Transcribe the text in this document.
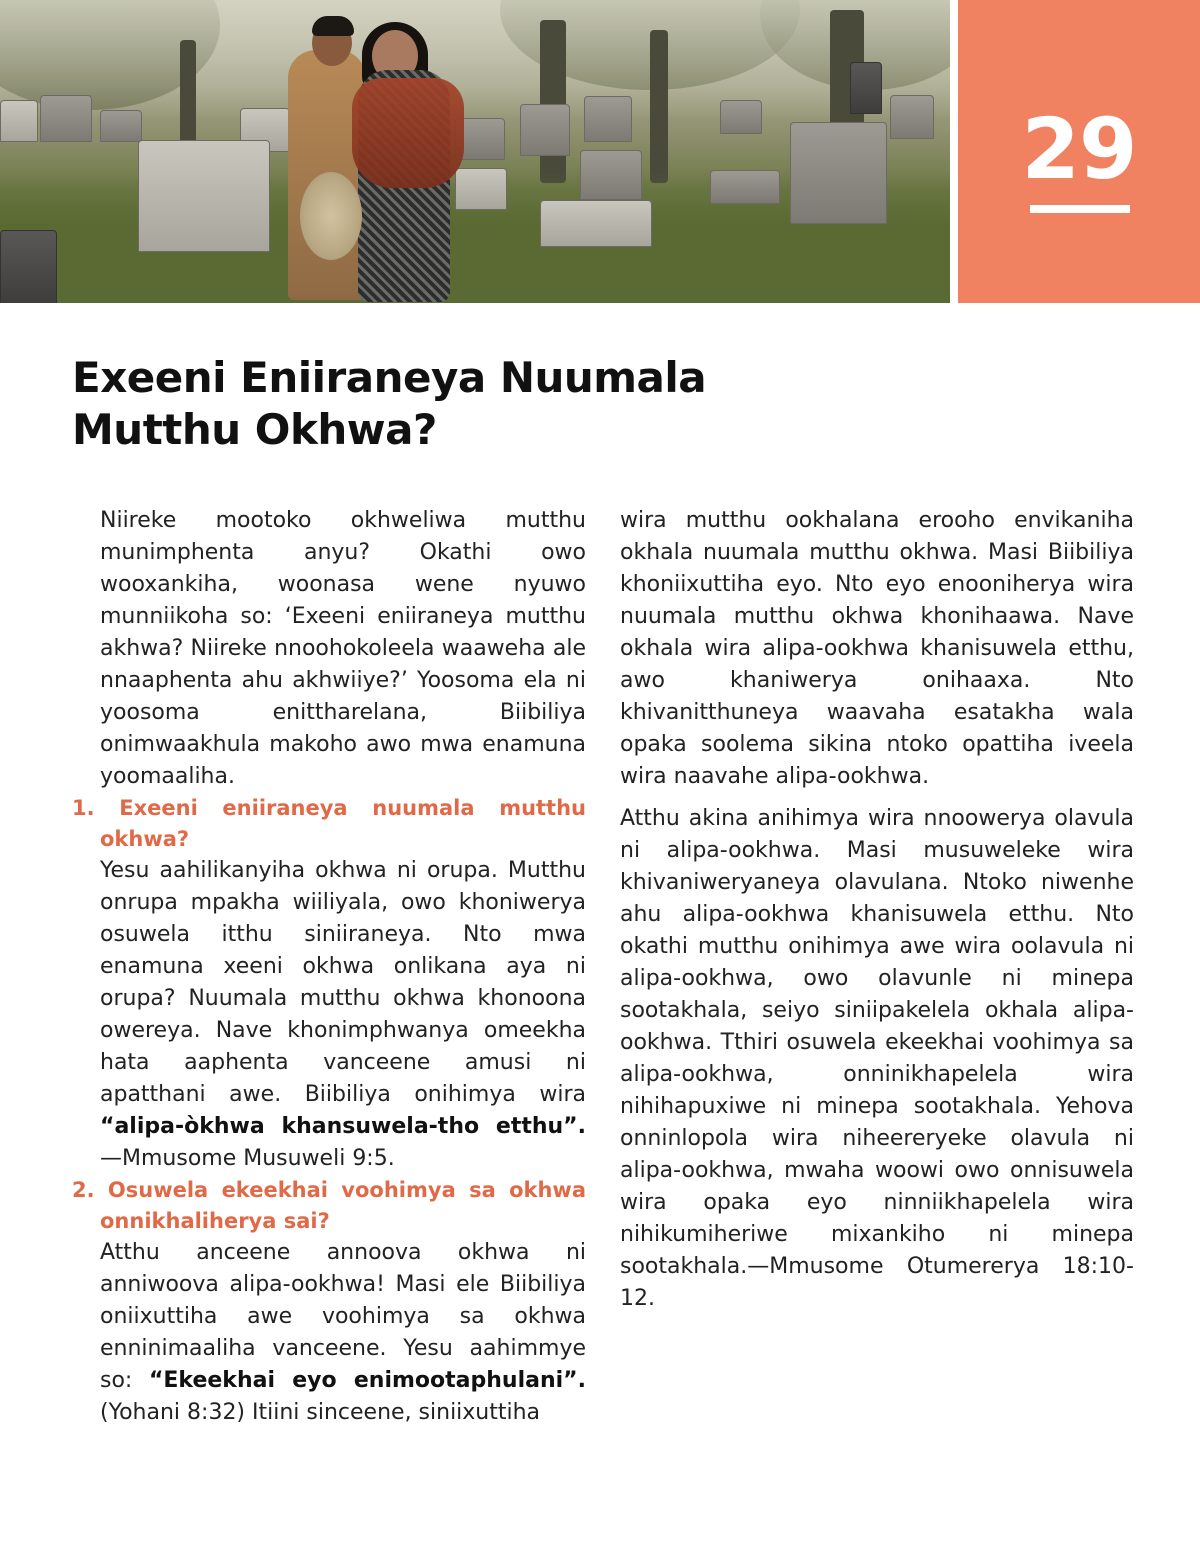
29
Exeeni Eniiraneya Nuumala
Mutthu Okhwa?

Niireke mootoko okhweliwa mutthu munimphenta anyu? Okathi owo wooxankiha, woonasa wene nyuwo munniikoha so: ‘Exeeni eniiraneya mutthu akhwa? Niireke nnoohokoleela waaweha ale nnaaphenta ahu akhwiiye?’ Yoosoma ela ni yoosoma enittharelana, Biibiliya onimwaakhula makoho awo mwa enamuna yoomaaliha.

1. Exeeni eniiraneya nuumala mutthu okhwa?

Yesu aahilikanyiha okhwa ni orupa. Mutthu onrupa mpakha wiiliyala, owo khoniwerya osuwela itthu siniiraneya. Nto mwa enamuna xeeni okhwa onlikana aya ni orupa? Nuumala mutthu okhwa khonoona owereya. Nave khonimphwanya omeekha hata aaphenta vanceene amusi ni apatthani awe. Biibiliya onihimya wira “alipa-òkhwa khansuwela-tho etthu”.—Mmusome Musuweli 9:5.

2. Osuwela ekeekhai voohimya sa okhwa onnikhaliherya sai?

Atthu anceene annoova okhwa ni anniwoova alipa-ookhwa! Masi ele Biibiliya oniixuttiha awe voohimya sa okhwa enninimaaliha vanceene. Yesu aahimmye so: “Ekeekhai eyo enimootaphulani”. (Yohani 8:32) Itiini sinceene, siniixuttiha

wira mutthu ookhalana erooho envikaniha okhala nuumala mutthu okhwa. Masi Biibiliya khoniixuttiha eyo. Nto eyo enooniherya wira nuumala mutthu okhwa khonihaawa. Nave okhala wira alipa-ookhwa khanisuwela etthu, awo khaniwerya onihaaxa. Nto khivanitthuneya waavaha esatakha wala opaka soolema sikina ntoko opattiha iveela wira naavahe alipa-ookhwa.

Atthu akina anihimya wira nnoowerya olavula ni alipa-ookhwa. Masi musuweleke wira khivaniweryaneya olavulana. Ntoko niwenhe ahu alipa-ookhwa khanisuwela etthu. Nto okathi mutthu onihimya awe wira oolavula ni alipa-ookhwa, owo olavunle ni minepa sootakhala, seiyo siniipakelela okhala alipa-ookhwa. Tthiri osuwela ekeekhai voohimya sa alipa-ookhwa, onninikhapelela wira nihihapuxiwe ni minepa sootakhala. Yehova onninlopola wira niheereryeke olavula ni alipa-ookhwa, mwaha woowi owo onnisuwela wira opaka eyo ninniikhapelela wira nihikumiheriwe mixankiho ni minepa sootakhala.—Mmusome Otumererya 18:10-12.
